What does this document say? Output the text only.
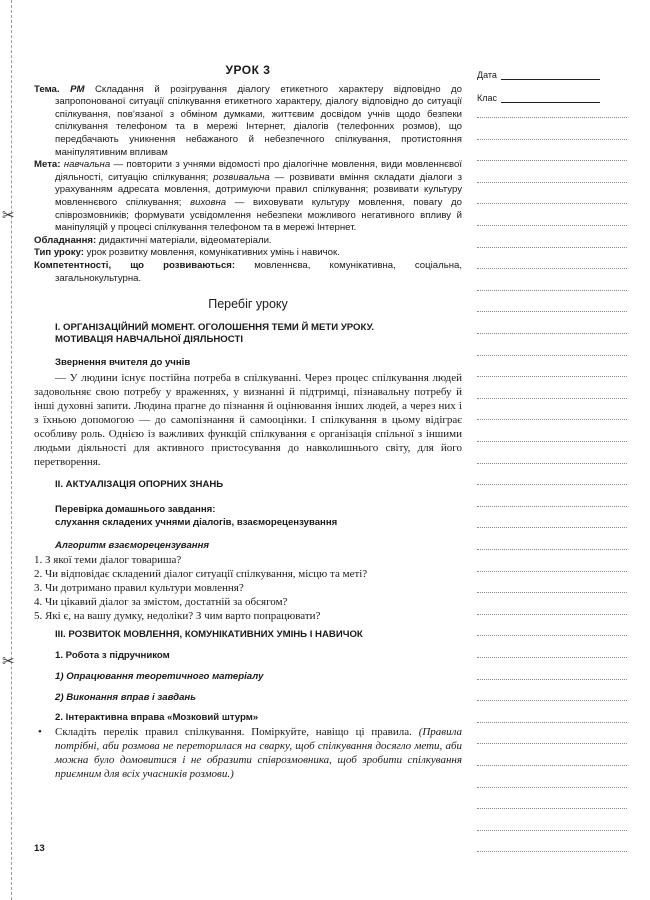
✂
✂
УРОК 3
Тема. РМ Складання й розігрування діалогу етикетного характеру відповідно до запропонованої ситуації спілкування етикетного характеру, діалогу відповідно до ситуації спілкування, пов’язаної з обміном думками, життєвим досвідом учнів щодо безпеки спілкування телефоном та в мережі Інтернет, діалогів (телефонних розмов), що передбачають уникнення небажаного й небезпечного спілкування, протистояння маніпулятивним впливам
Мета: навчальна — повторити з учнями відомості про діалогічне мовлення, види мовленнєвої діяльності, ситуацію спілкування; розвивальна — розвивати вміння складати діалоги з урахуванням адресата мовлення, дотримуючи правил спілкування; розвивати культуру мовленнєвого спілкування; виховна — виховувати культуру мовлення, повагу до співрозмовників; формувати усвідомлення небезпеки можливого негативного впливу й маніпуляцій у процесі спілкування телефоном та в мережі Інтернет.
Обладнання: дидактичні матеріали, відеоматеріали.
Тип уроку: урок розвитку мовлення, комунікативних умінь і навичок.
Компетентності, що розвиваються: мовленнєва, комунікативна, соціальна, загальнокультурна.
Перебіг уроку
I. ОРГАНІЗАЦІЙНИЙ МОМЕНТ. ОГОЛОШЕННЯ ТЕМИ Й МЕТИ УРОКУ.
МОТИВАЦІЯ НАВЧАЛЬНОЇ ДІЯЛЬНОСТІ
Звернення вчителя до учнів
— У людини існує постійна потреба в спілкуванні. Через процес спілкування людей задовольняє свою потребу у враженнях, у визнанні й підтримці, пізнавальну потребу й інші духовні запити. Людина прагне до пізнання й оцінювання інших людей, а через них і з їхньою допомогою — до самопізнання й самооцінки. І спілкування в цьому відіграє особливу роль. Однією із важливих функцій спілкування є організація спільної з іншими людьми діяльності для активного пристосування до навколишнього світу, для його перетворення.
II. АКТУАЛІЗАЦІЯ ОПОРНИХ ЗНАНЬ
Перевірка домашнього завдання:
слухання складених учнями діалогів, взаєморецензування
Алгоритм взаєморецензування
1. З якої теми діалог товариша?
2. Чи відповідає складений діалог ситуації спілкування, місцю та меті?
3. Чи дотримано правил культури мовлення?
4. Чи цікавий діалог за змістом, достатній за обсягом?
5. Які є, на вашу думку, недоліки? З чим варто попрацювати?
III. РОЗВИТОК МОВЛЕННЯ, КОМУНІКАТИВНИХ УМІНЬ І НАВИЧОК
1. Робота з підручником
1) Опрацювання теоретичного матеріалу
2) Виконання вправ і завдань
2. Інтерактивна вправа «Мозковий штурм»
•	Складіть перелік правил спілкування. Поміркуйте, навіщо ці правила. (Правила потрібні, аби розмова не переторилася на сварку, щоб спілкування досягло мети, аби можна було домовитися і не образити співрозмовника, щоб зробити спілкування приємним для всіх учасників розмови.)
13
Дата
Клас
